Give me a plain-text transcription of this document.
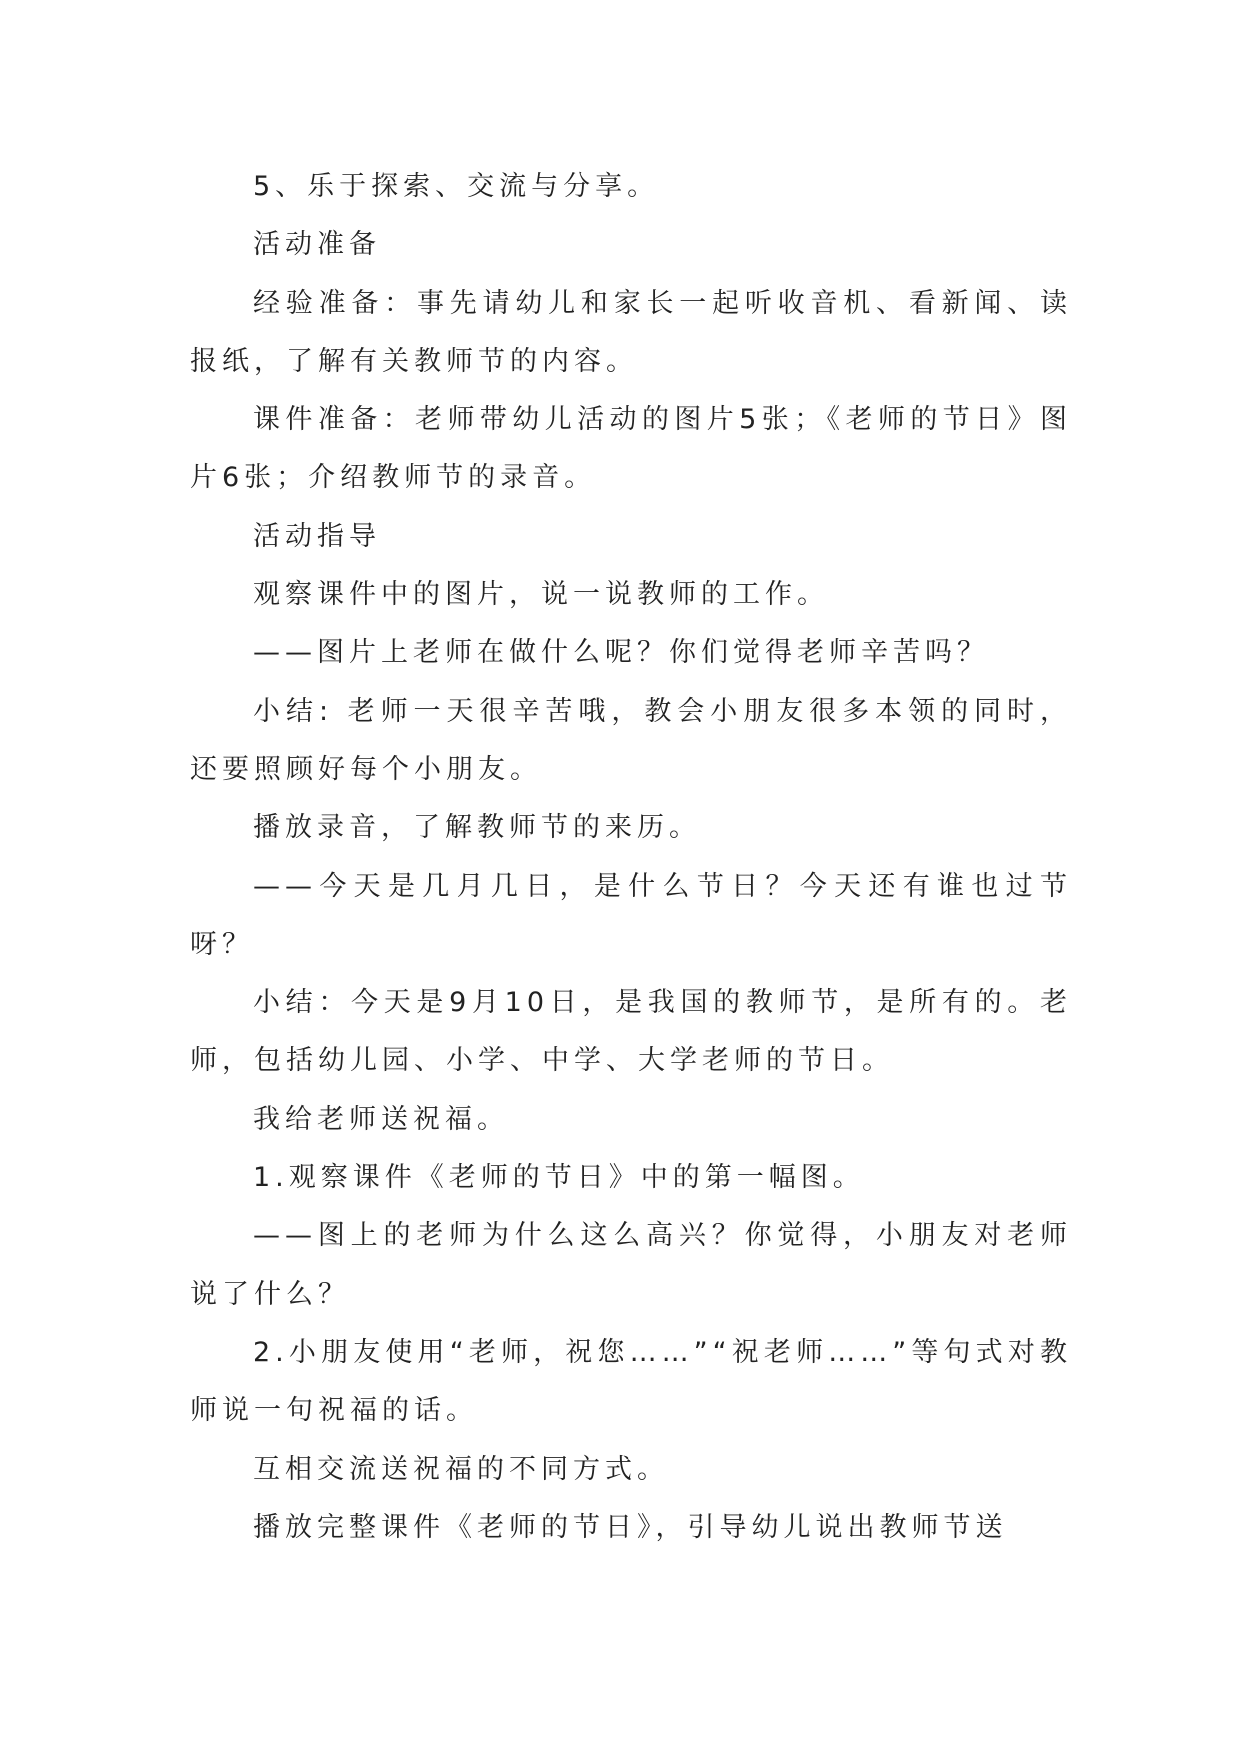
5、乐于探索、交流与分享。

活动准备

经验准备：事先请幼儿和家长一起听收音机、看新闻、读报纸，了解有关教师节的内容。

课件准备：老师带幼儿活动的图片5张；《老师的节日》图片6张；介绍教师节的录音。

活动指导

观察课件中的图片，说一说教师的工作。

——图片上老师在做什么呢？你们觉得老师辛苦吗？

小结: 老师一天很辛苦哦，教会小朋友很多本领的同时，还要照顾好每个小朋友。

播放录音，了解教师节的来历。

——今天是几月几日，是什么节日？今天还有谁也过节呀？

小结：今天是9月10日，是我国的教师节，是所有的。老师，包括幼儿园、小学、中学、大学老师的节日。

我给老师送祝福。

1.观察课件《老师的节日》中的第一幅图。

——图上的老师为什么这么高兴？你觉得，小朋友对老师说了什么？

2.小朋友使用“老师，祝您……”“祝老师……”等句式对教师说一句祝福的话。

互相交流送祝福的不同方式。

播放完整课件《老师的节日》，引导幼儿说出教师节送
